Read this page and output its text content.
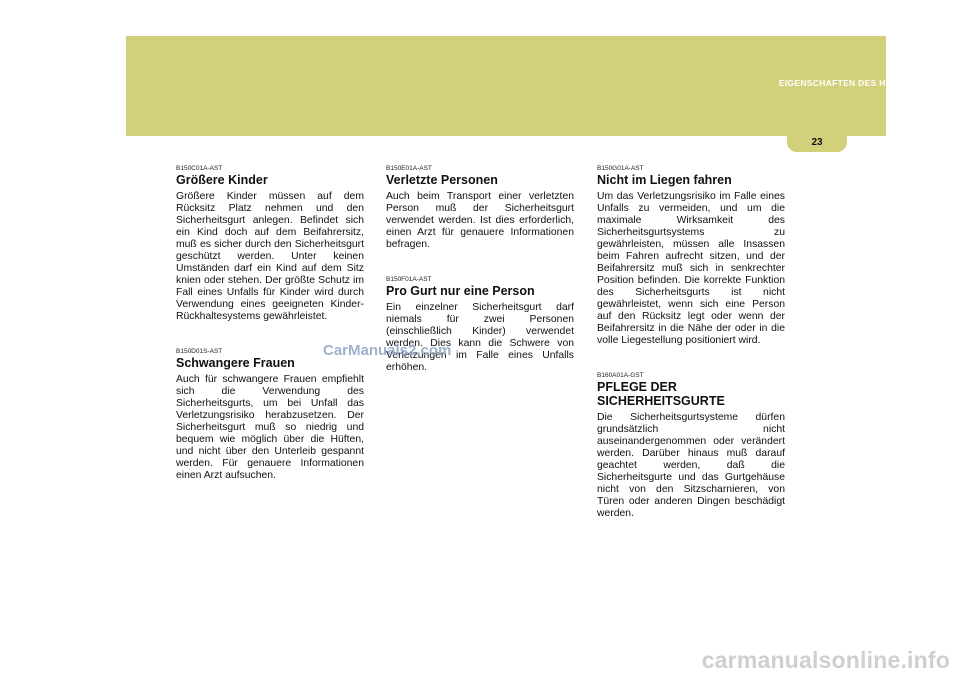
EIGENSCHAFTEN DES HYUNDAI 1
23
B150C01A-AST
Größere Kinder

Größere Kinder müssen auf dem Rücksitz Platz nehmen und den Sicherheitsgurt anlegen. Befindet sich ein Kind doch auf dem Beifahrersitz, muß es sicher durch den Sicherheitsgurt geschützt werden. Unter keinen Umständen darf ein Kind auf dem Sitz knien oder stehen. Der größte Schutz im Fall eines Unfalls für Kinder wird durch Verwendung eines geeigneten Kinder-Rückhaltesystems gewährleistet.

B150D01S-AST
Schwangere Frauen

Auch für schwangere Frauen empfiehlt sich die Verwendung des Sicherheitsgurts, um bei Unfall das Verletzungsrisiko herabzusetzen. Der Sicherheitsgurt muß so niedrig und bequem wie möglich über die Hüften, und nicht über den Unterleib gespannt werden. Für genauere Informationen einen Arzt aufsuchen.

B150E01A-AST
Verletzte Personen

Auch beim Transport einer verletzten Person muß der Sicherheitsgurt verwendet werden. Ist dies erforderlich, einen Arzt für genauere Informationen befragen.

B150F01A-AST
Pro Gurt nur eine Person

Ein einzelner Sicherheitsgurt darf niemals für zwei Personen (einschließlich Kinder) verwendet werden. Dies kann die Schwere von Verletzungen im Falle eines Unfalls erhöhen.

B150G01A-AST
Nicht im Liegen fahren

Um das Verletzungsrisiko im Falle eines Unfalls zu vermeiden, und um die maximale Wirksamkeit des Sicherheitsgurtsystems zu gewährleisten, müssen alle Insassen beim Fahren aufrecht sitzen, und der Beifahrersitz muß sich in senkrechter Position befinden. Die korrekte Funktion des Sicherheitsgurts ist nicht gewährleistet, wenn sich eine Person auf den Rücksitz legt oder wenn der Beifahrersitz in die Nähe der oder in die volle Liegestellung positioniert wird.

B160A01A-GST
PFLEGE DER SICHERHEITSGURTE

Die Sicherheitsgurtsysteme dürfen grundsätzlich nicht auseinandergenommen oder verändert werden. Darüber hinaus muß darauf geachtet werden, daß die Sicherheitsgurte und das Gurtgehäuse nicht von den Sitzscharnieren, von Türen oder anderen Dingen beschädigt werden.

CarManuals2.com
carmanualsonline.info
